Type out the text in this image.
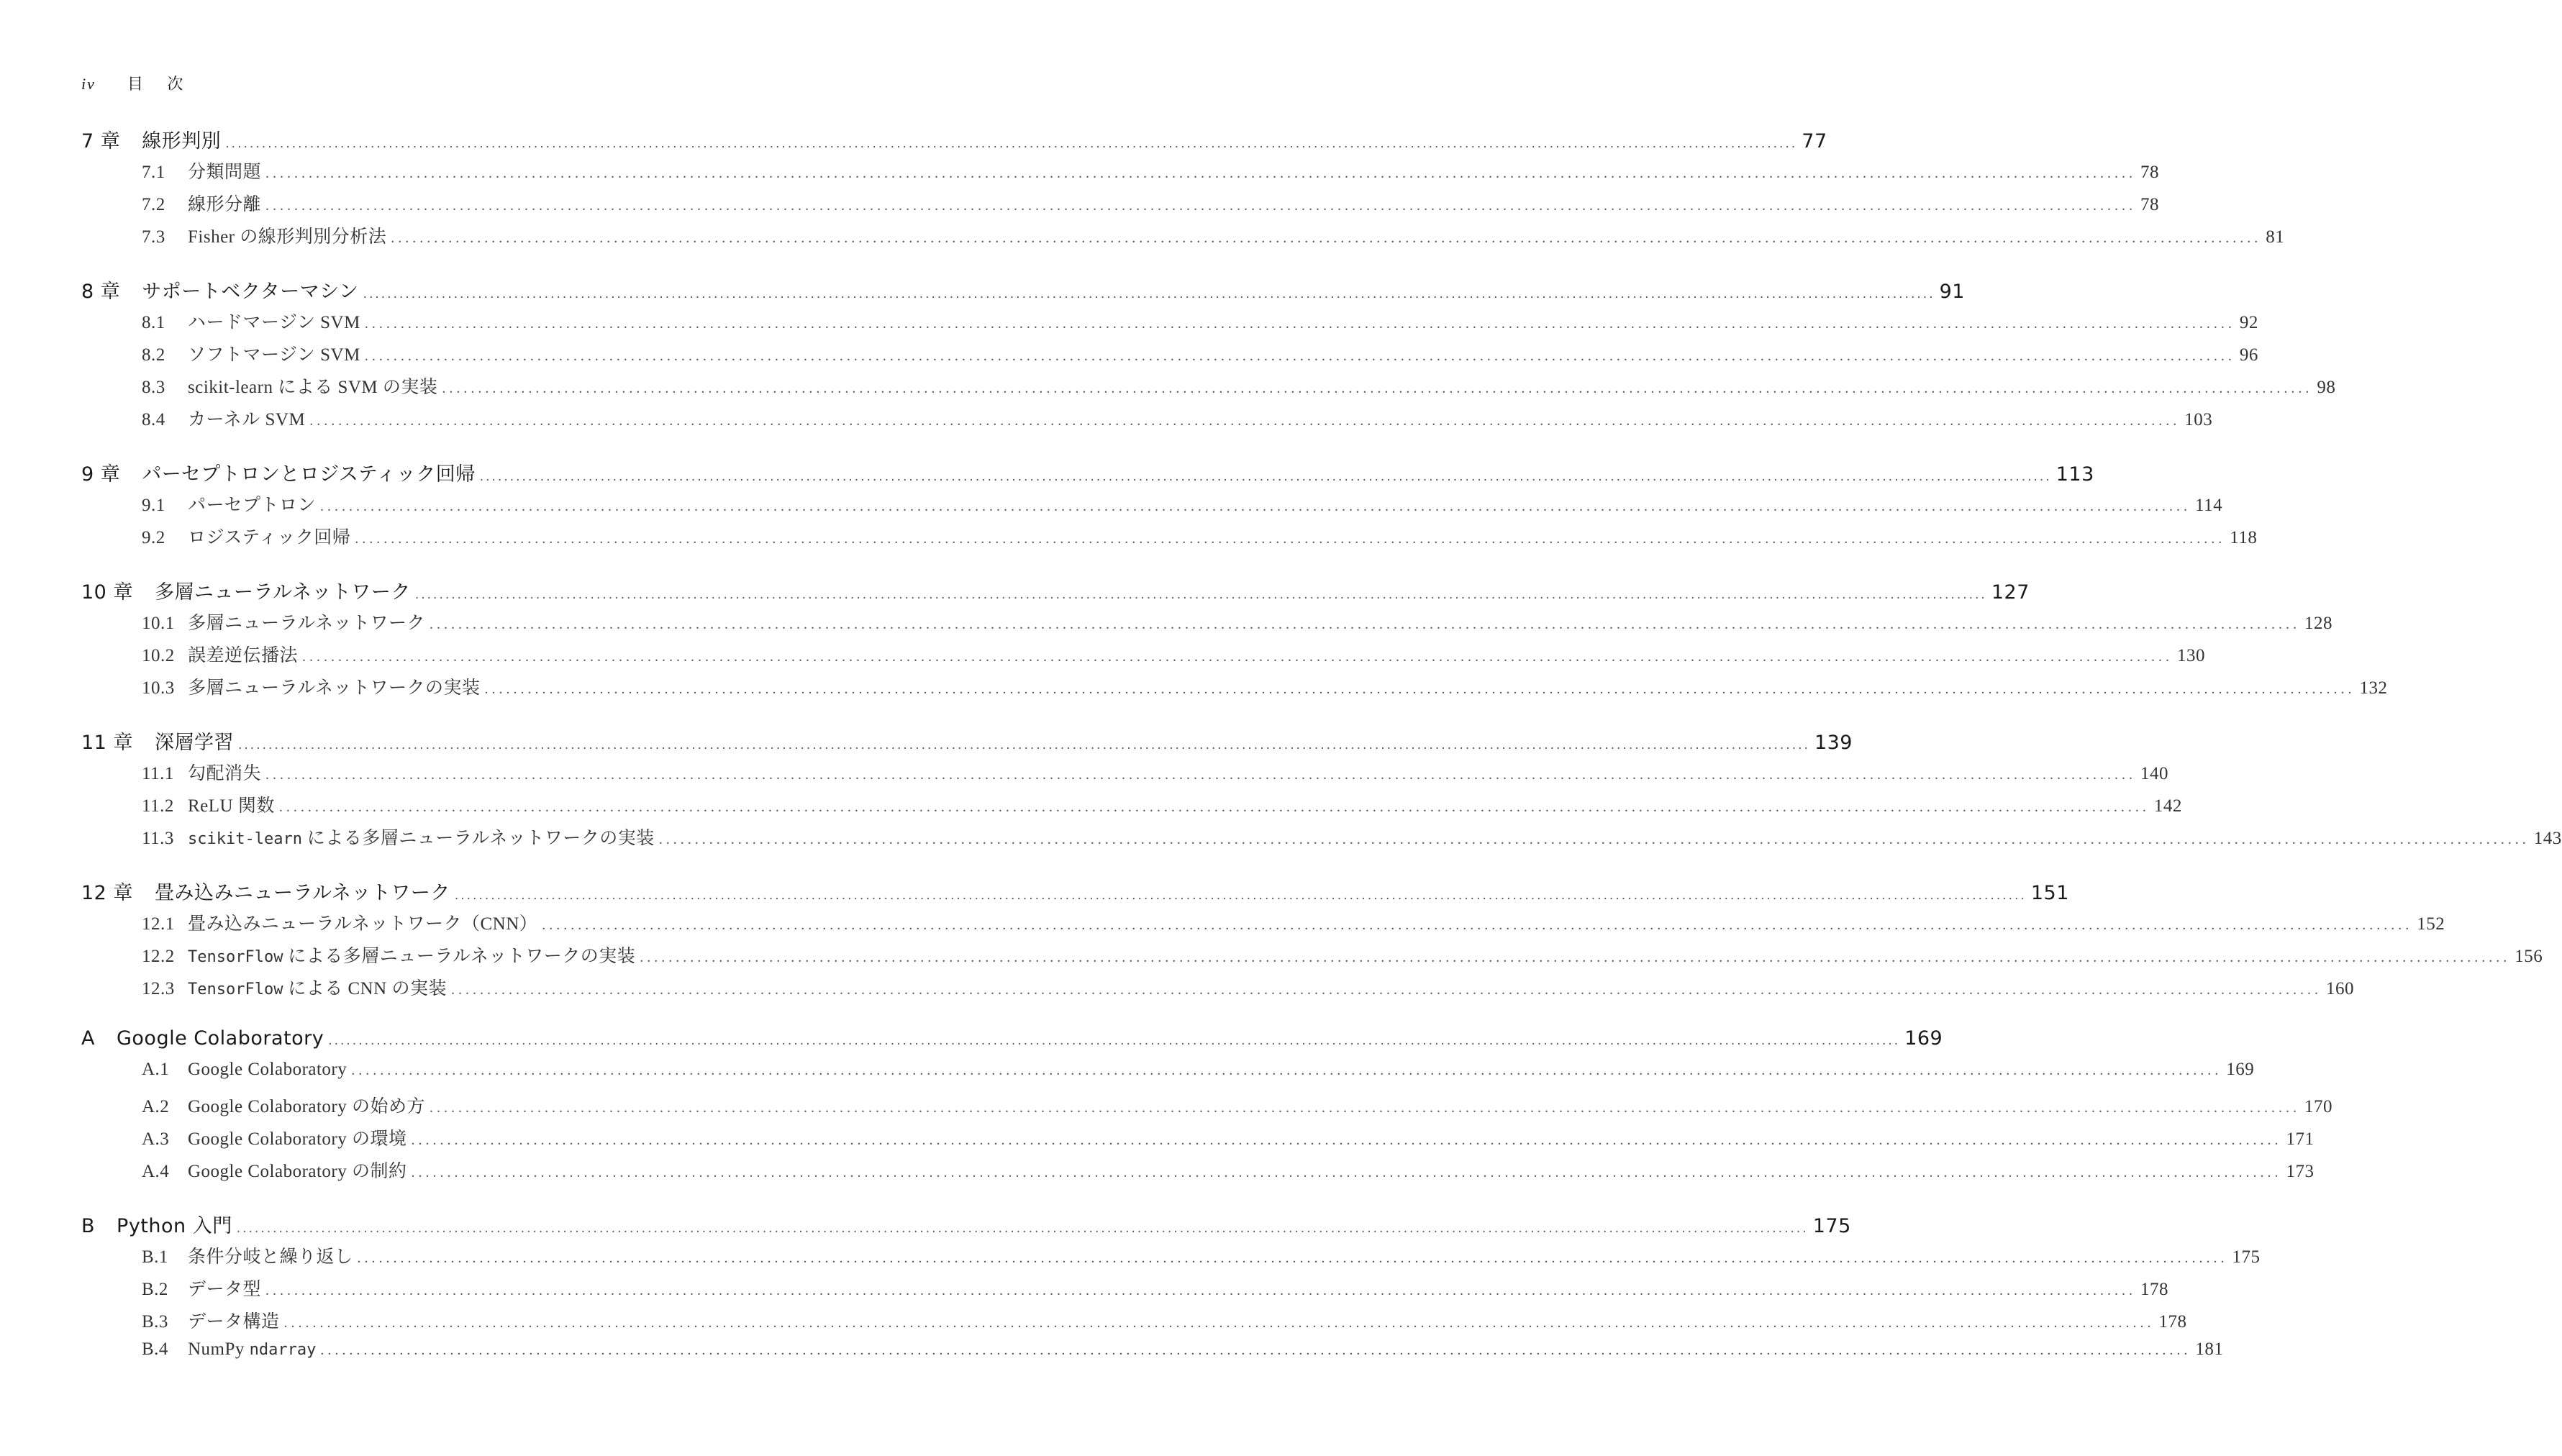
iv 目 次
7 章 線形判別 .................................................................................................................................................................................................................................................................... 77
7.1	分類問題 .................................................................................................................................................................................................................................................................... 78
7.2	線形分離 .................................................................................................................................................................................................................................................................... 78
7.3	Fisher の線形判別分析法 .................................................................................................................................................................................................................................................................... 81
8 章 サポートベクターマシン .................................................................................................................................................................................................................................................................... 91
8.1	ハードマージン SVM .................................................................................................................................................................................................................................................................... 92
8.2	ソフトマージン SVM .................................................................................................................................................................................................................................................................... 96
8.3	scikit-learn による SVM の実装 .................................................................................................................................................................................................................................................................... 98
8.4	カーネル SVM .................................................................................................................................................................................................................................................................... 103
9 章 パーセプトロンとロジスティック回帰 .................................................................................................................................................................................................................................................................... 113
9.1	パーセプトロン .................................................................................................................................................................................................................................................................... 114
9.2	ロジスティック回帰 .................................................................................................................................................................................................................................................................... 118
10 章 多層ニューラルネットワーク .................................................................................................................................................................................................................................................................... 127
10.1 多層ニューラルネットワーク .................................................................................................................................................................................................................................................................... 128
10.2 誤差逆伝播法 .................................................................................................................................................................................................................................................................... 130
10.3 多層ニューラルネットワークの実装 .................................................................................................................................................................................................................................................................... 132
11 章 深層学習 .................................................................................................................................................................................................................................................................... 139
11.1 勾配消失 .................................................................................................................................................................................................................................................................... 140
11.2 ReLU 関数 .................................................................................................................................................................................................................................................................... 142
11.3 scikit-learn による多層ニューラルネットワークの実装 .................................................................................................................................................................................................................................................................... 143
12 章 畳み込みニューラルネットワーク .................................................................................................................................................................................................................................................................... 151
12.1 畳み込みニューラルネットワーク（CNN） .................................................................................................................................................................................................................................................................... 152
12.2 TensorFlow による多層ニューラルネットワークの実装 .................................................................................................................................................................................................................................................................... 156
12.3 TensorFlow による CNN の実装 .................................................................................................................................................................................................................................................................... 160
A Google Colaboratory .................................................................................................................................................................................................................................................................... 169
A.1	Google Colaboratory .................................................................................................................................................................................................................................................................... 169
A.2	Google Colaboratory の始め方 .................................................................................................................................................................................................................................................................... 170
A.3	Google Colaboratory の環境 .................................................................................................................................................................................................................................................................... 171
A.4	Google Colaboratory の制約 .................................................................................................................................................................................................................................................................... 173
B Python 入門 .................................................................................................................................................................................................................................................................... 175
B.1	条件分岐と繰り返し .................................................................................................................................................................................................................................................................... 175
B.2	データ型 .................................................................................................................................................................................................................................................................... 178
B.3	データ構造 .................................................................................................................................................................................................................................................................... 178
B.4	NumPy ndarray .................................................................................................................................................................................................................................................................... 181
